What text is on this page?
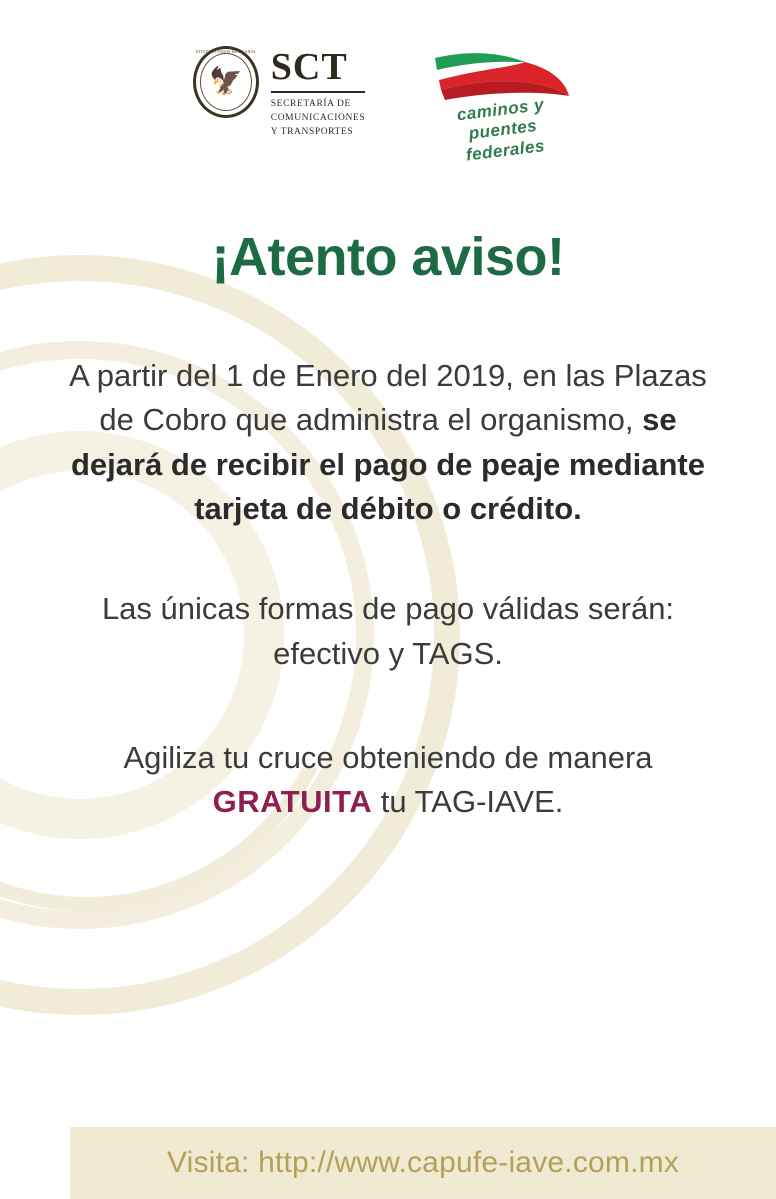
ESTADOS UNIDOS MEXICANOS
🦅 SCT
SECRETARÍA DE
COMUNICACIONES
Y TRANSPORTES
caminos y puentes
federales
¡Atento aviso!
A partir del 1 de Enero del 2019, en las Plazas de Cobro que administra el organismo, se dejará de recibir el pago de peaje mediante tarjeta de débito o crédito.
Las únicas formas de pago válidas serán: efectivo y TAGS.
Agiliza tu cruce obteniendo de manera GRATUITA tu TAG-IAVE.
Visita: http://www.capufe-iave.com.mx
